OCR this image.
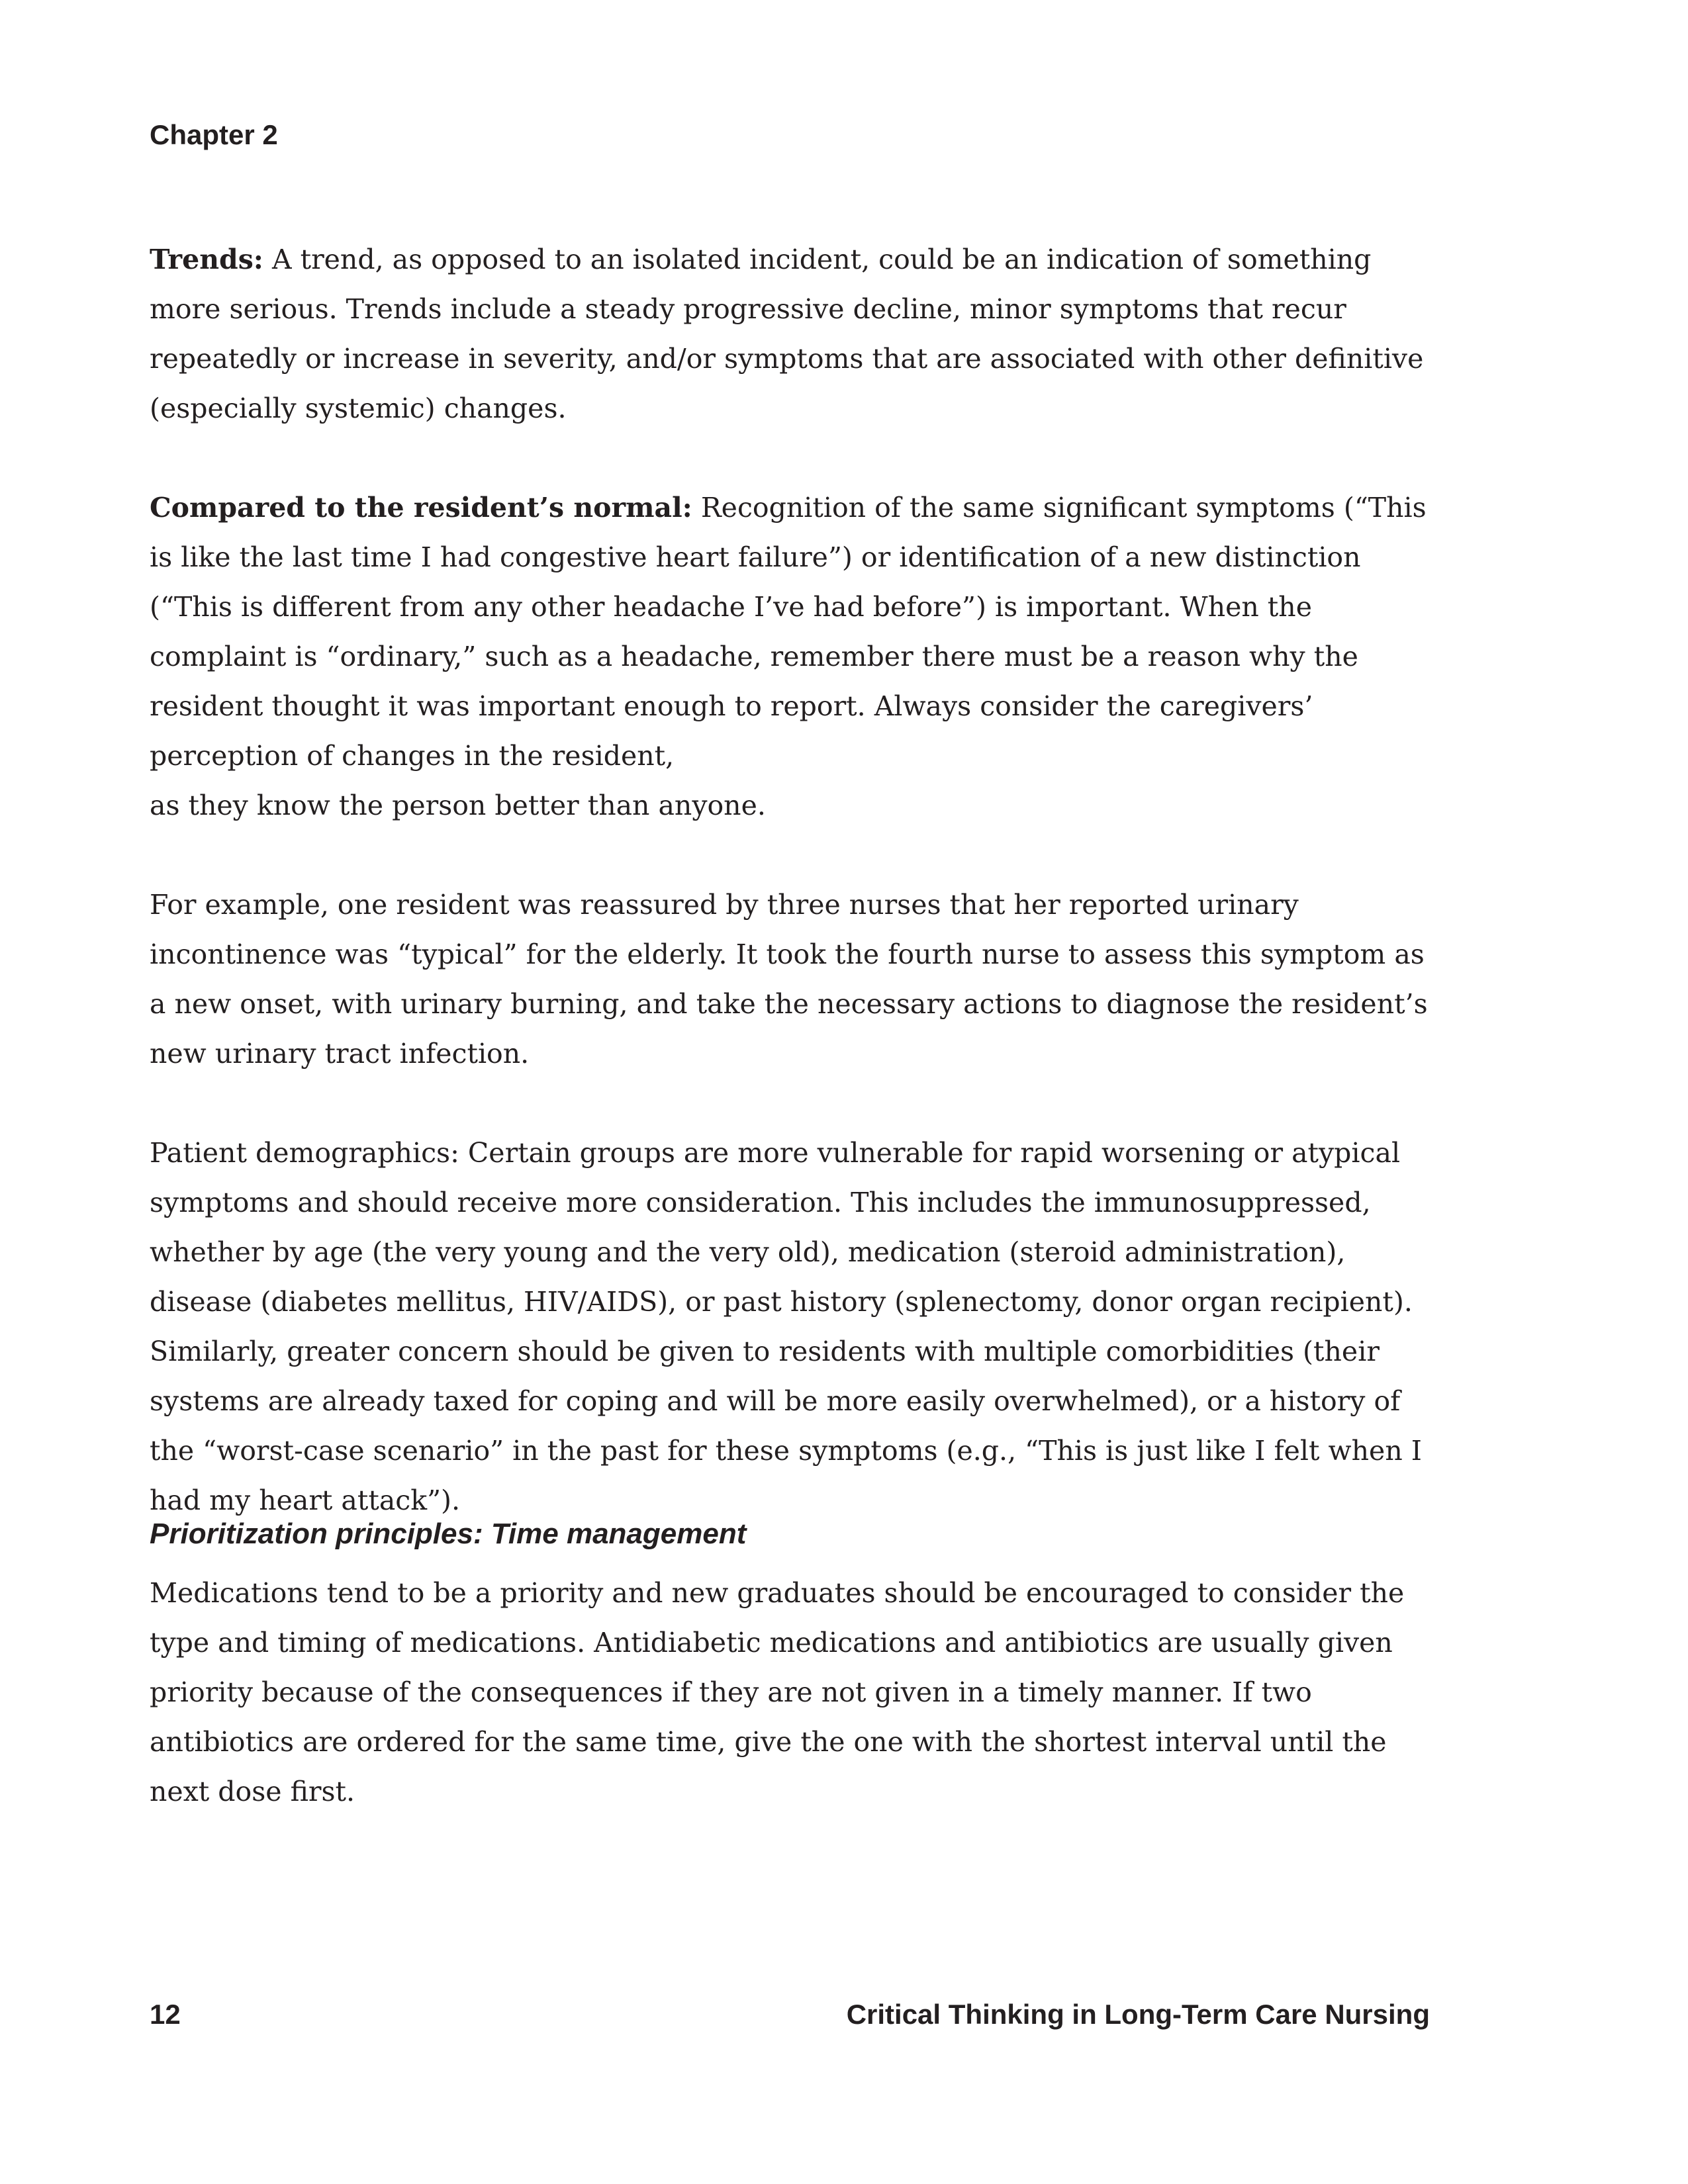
Chapter 2

Trends: A trend, as opposed to an isolated incident, could be an indication of something more serious. Trends include a steady progressive decline, minor symptoms that recur repeatedly or increase in severity, and/or symptoms that are associated with other definitive (especially systemic) changes.

Compared to the resident’s normal: Recognition of the same significant symptoms (“This is like the last time I had congestive heart failure”) or identification of a new distinction (“This is different from any other headache I’ve had before”) is important. When the complaint is “ordinary,” such as a headache, remember there must be a reason why the resident thought it was important enough to report. Always consider the caregivers’ perception of changes in the resident,
as they know the person better than anyone.

For example, one resident was reassured by three nurses that her reported urinary incontinence was “typical” for the elderly. It took the fourth nurse to assess this symptom as a new onset, with urinary burning, and take the necessary actions to diagnose the resident’s new urinary tract infection.

Patient demographics: Certain groups are more vulnerable for rapid worsening or atypical symptoms and should receive more consideration. This includes the immunosuppressed, whether by age (the very young and the very old), medication (steroid administration), disease (diabetes mellitus, HIV/AIDS), or past history (splenectomy, donor organ recipient). Similarly, greater concern should be given to residents with multiple comorbidities (their systems are already taxed for coping and will be more easily overwhelmed), or a history of the “worst-case scenario” in the past for these symptoms (e.g., “This is just like I felt when I had my heart attack”).

Prioritization principles: Time management

Medications tend to be a priority and new graduates should be encouraged to consider the type and timing of medications. Antidiabetic medications and antibiotics are usually given priority because of the consequences if they are not given in a timely manner. If two antibiotics are ordered for the same time, give the one with the shortest interval until the next dose first.

12	Critical Thinking in Long-Term Care Nursing
